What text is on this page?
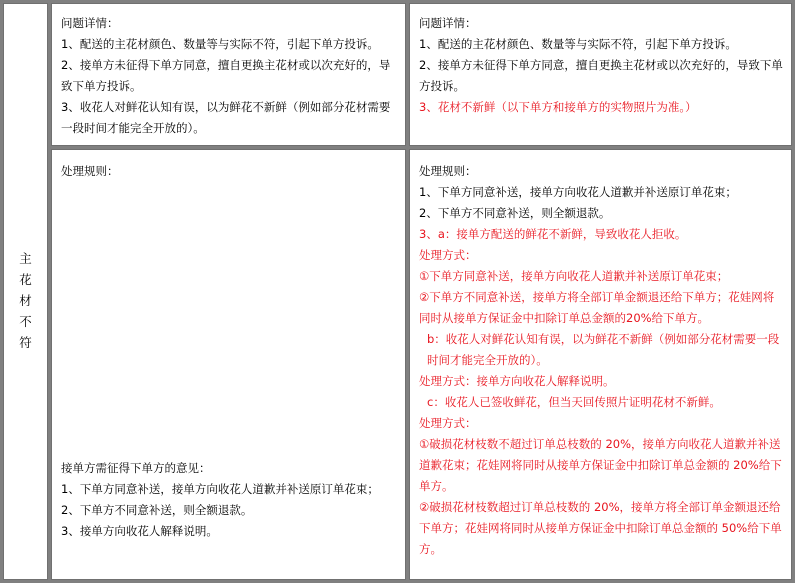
主
花
材
不
符
问题详情：
1、配送的主花材颜色、数量等与实际不符，引起下单方投诉。
2、接单方未征得下单方同意，擅自更换主花材或以次充好的，导致下单方投诉。
3、收花人对鲜花认知有误，以为鲜花不新鲜（例如部分花材需要一段时间才能完全开放的）。
问题详情：
1、配送的主花材颜色、数量等与实际不符，引起下单方投诉。
2、接单方未征得下单方同意，擅自更换主花材或以次充好的，导致下单方投诉。
3、花材不新鲜（以下单方和接单方的实物照片为准。）
处理规则：
接单方需征得下单方的意见：
1、下单方同意补送，接单方向收花人道歉并补送原订单花束；
2、下单方不同意补送，则全额退款。
3、接单方向收花人解释说明。
处理规则：
1、下单方同意补送，接单方向收花人道歉并补送原订单花束；
2、下单方不同意补送，则全额退款。
3、a：接单方配送的鲜花不新鲜，导致收花人拒收。
处理方式：
①下单方同意补送，接单方向收花人道歉并补送原订单花束；
②下单方不同意补送，接单方将全部订单金额退还给下单方；花娃网将同时从接单方保证金中扣除订单总金额的20%给下单方。
b：收花人对鲜花认知有误，以为鲜花不新鲜（例如部分花材需要一段时间才能完全开放的）。
处理方式：接单方向收花人解释说明。
c：收花人已签收鲜花，但当天回传照片证明花材不新鲜。
处理方式：
①破损花材枝数不超过订单总枝数的 20%，接单方向收花人道歉并补送道歉花束；花娃网将同时从接单方保证金中扣除订单总金额的 20%给下单方。
②破损花材枝数超过订单总枝数的 20%，接单方将全部订单金额退还给下单方；花娃网将同时从接单方保证金中扣除订单总金额的 50%给下单方。
